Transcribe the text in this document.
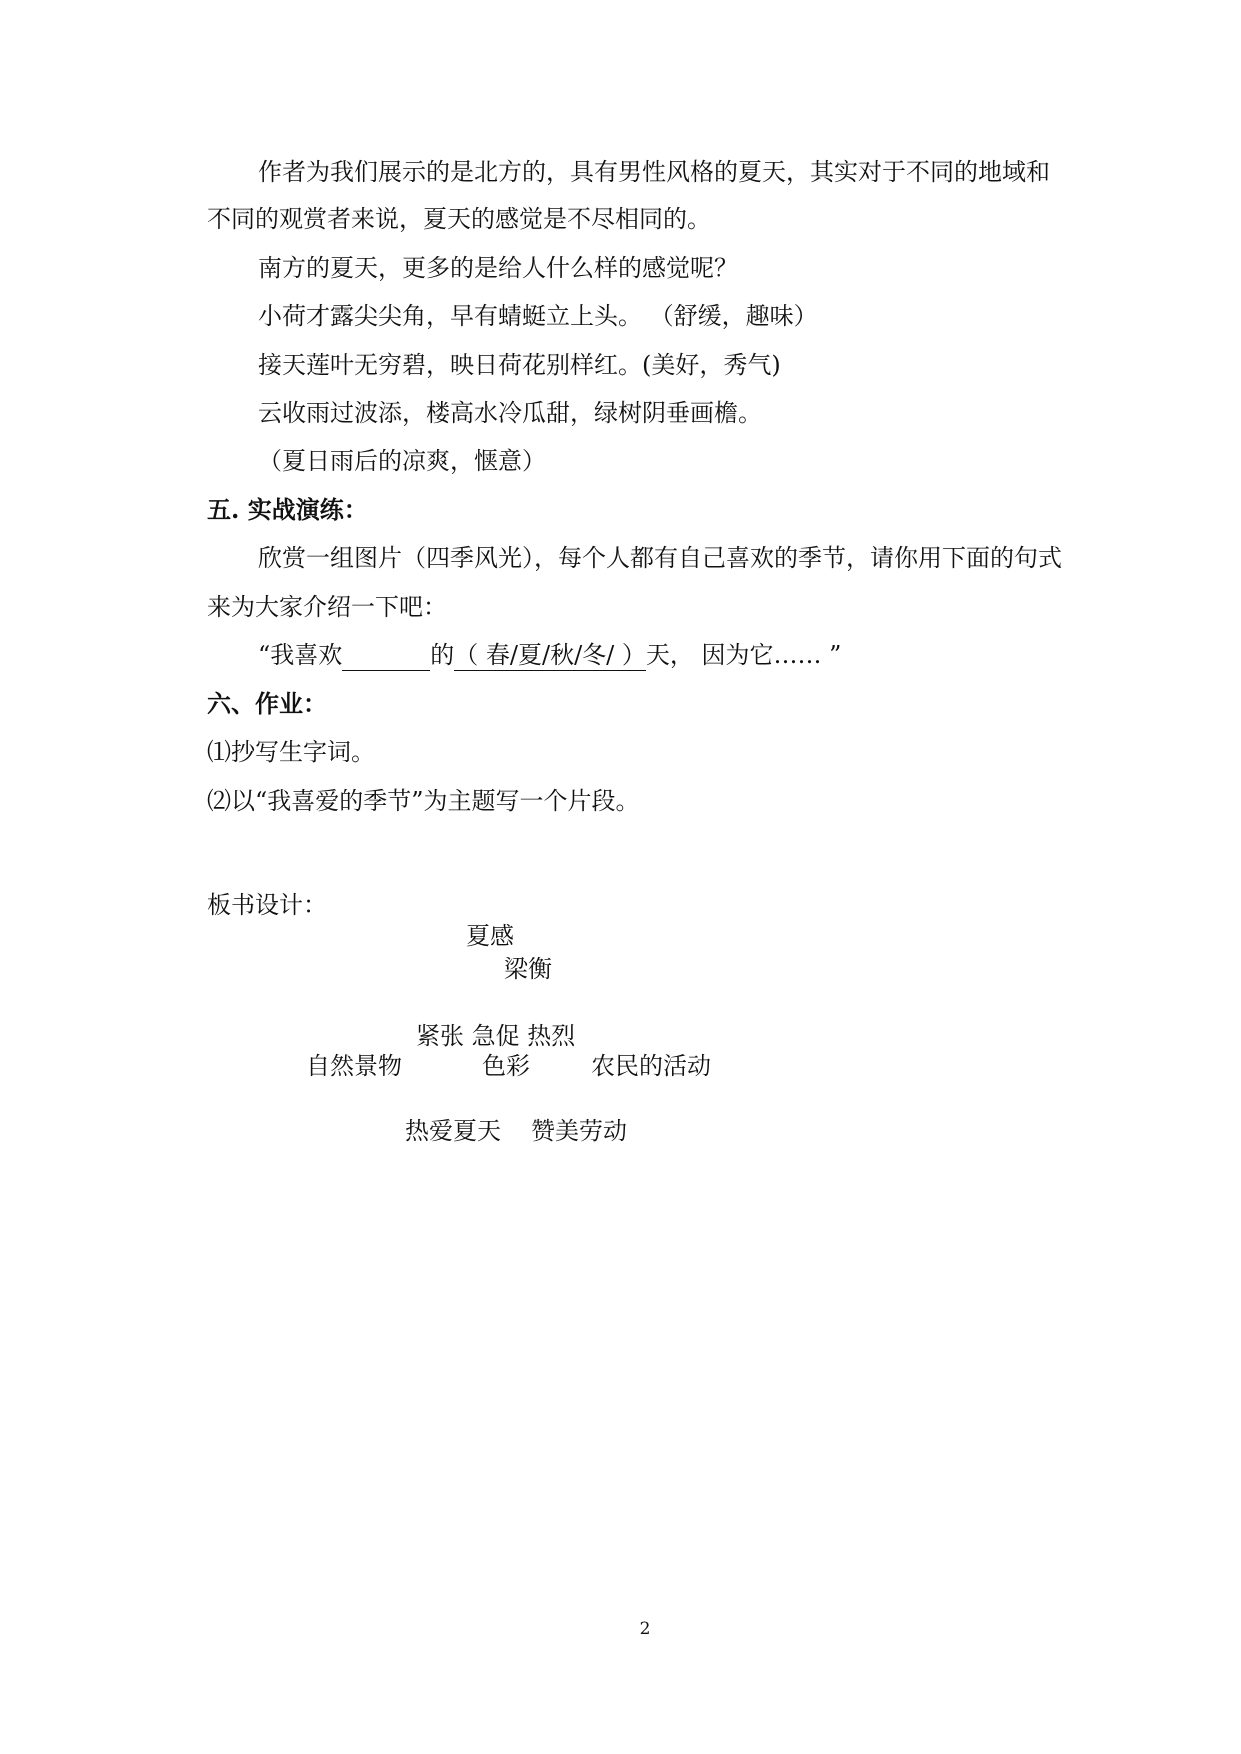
作者为我们展示的是北方的，具有男性风格的夏天，其实对于不同的地域和
不同的观赏者来说，夏天的感觉是不尽相同的。
南方的夏天，更多的是给人什么样的感觉呢？
小荷才露尖尖角，早有蜻蜓立上头。 （舒缓，趣味）
接天莲叶无穷碧，映日荷花别样红。(美好，秀气)
云收雨过波添，楼高水冷瓜甜，绿树阴垂画檐。
（夏日雨后的凉爽，惬意）
五. 实战演练：
欣赏一组图片（四季风光），每个人都有自己喜欢的季节，请你用下面的句式
来为大家介绍一下吧：
“我喜欢	的（ 春/夏/秋/冬/ ）天， 因为它…… ”
六、作业：
⑴抄写生字词。
⑵以“我喜爱的季节”为主题写一个片段。
板书设计：
夏感
梁衡
紧张 急促 热烈
自然景物	色彩	农民的活动
热爱夏天 赞美劳动
2
